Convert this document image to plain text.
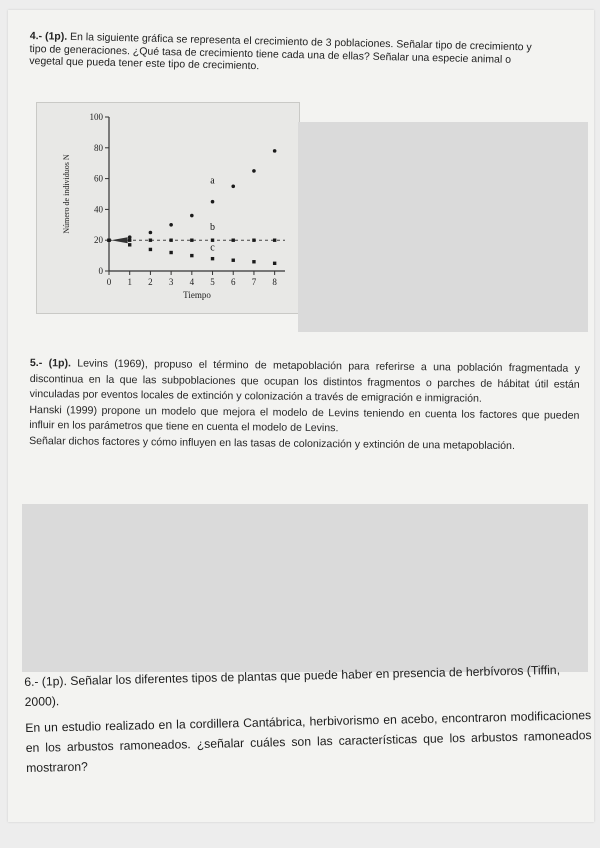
4.- (1p). En la siguiente gráfica se representa el crecimiento de 3 poblaciones. Señalar tipo de crecimiento y tipo de generaciones. ¿Qué tasa de crecimiento tiene cada una de ellas? Señalar una especie animal o vegetal que pueda tener este tipo de crecimiento.
0
20
40
60
80
100
0 1 2 3 4 5 6 7 8
Tiempo
Número de individuos N	a
b
c

5.- (1p). Levins (1969), propuso el término de metapoblación para referirse a una población fragmentada y discontinua en la que las subpoblaciones que ocupan los distintos fragmentos o parches de hábitat útil están vinculadas por eventos locales de extinción y colonización a través de emigración e inmigración.

Hanski (1999) propone un modelo que mejora el modelo de Levins teniendo en cuenta los factores que pueden influir en los parámetros que tiene en cuenta el modelo de Levins.

Señalar dichos factores y cómo influyen en las tasas de colonización y extinción de una metapoblación.

6.- (1p). Señalar los diferentes tipos de plantas que puede haber en presencia de herbívoros (Tiffin, 2000).

En un estudio realizado en la cordillera Cantábrica, herbivorismo en acebo, encontraron modificaciones en los arbustos ramoneados. ¿señalar cuáles son las características que los arbustos ramoneados mostraron?
